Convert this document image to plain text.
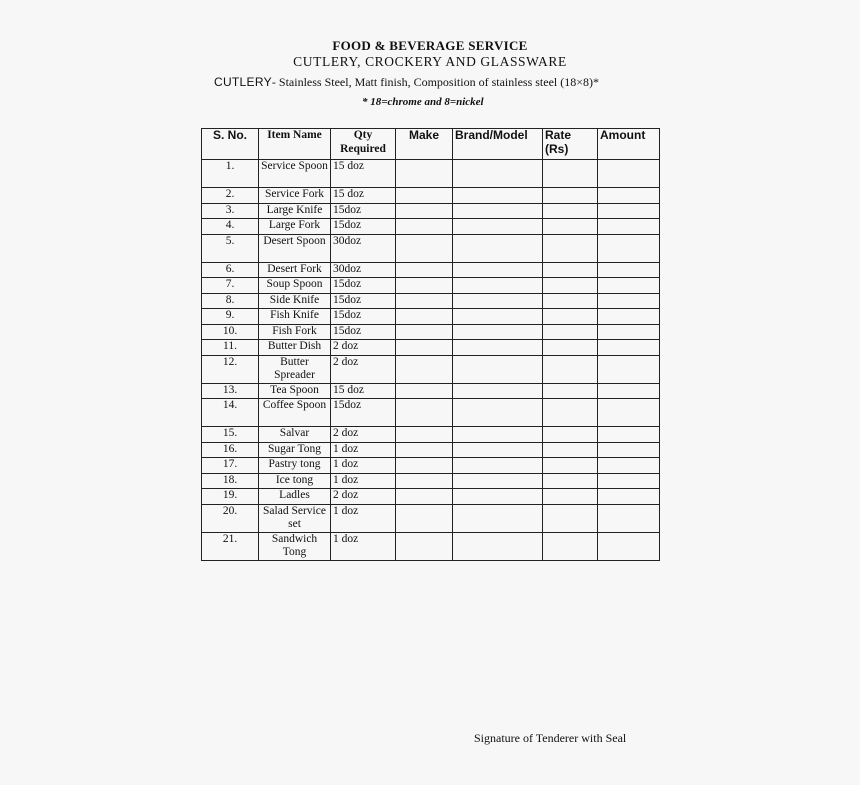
FOOD & BEVERAGE SERVICE
CUTLERY, CROCKERY AND GLASSWARE
CUTLERY- Stainless Steel, Matt finish, Composition of stainless steel (18×8)*
* 18=chrome and 8=nickel
S. No.	Item Name	Qty Required	Make	Brand/Model	Rate (Rs)	Amount
1.	Service Spoon	15 doz				
2.	Service Fork	15 doz				
3.	Large Knife	15doz				
4.	Large Fork	15doz				
5.	Desert Spoon	30doz				
6.	Desert Fork	30doz				
7.	Soup Spoon	15doz				
8.	Side Knife	15doz				
9.	Fish Knife	15doz				
10.	Fish Fork	15doz				
11.	Butter Dish	2 doz				
12.	Butter Spreader	2 doz				
13.	Tea Spoon	15 doz				
14.	Coffee Spoon	15doz				
15.	Salvar	2 doz				
16.	Sugar Tong	1 doz				
17.	Pastry tong	1 doz				
18.	Ice tong	1 doz				
19.	Ladles	2 doz				
20.	Salad Service set	1 doz				
21.	Sandwich Tong	1 doz				
Signature of Tenderer with Seal
